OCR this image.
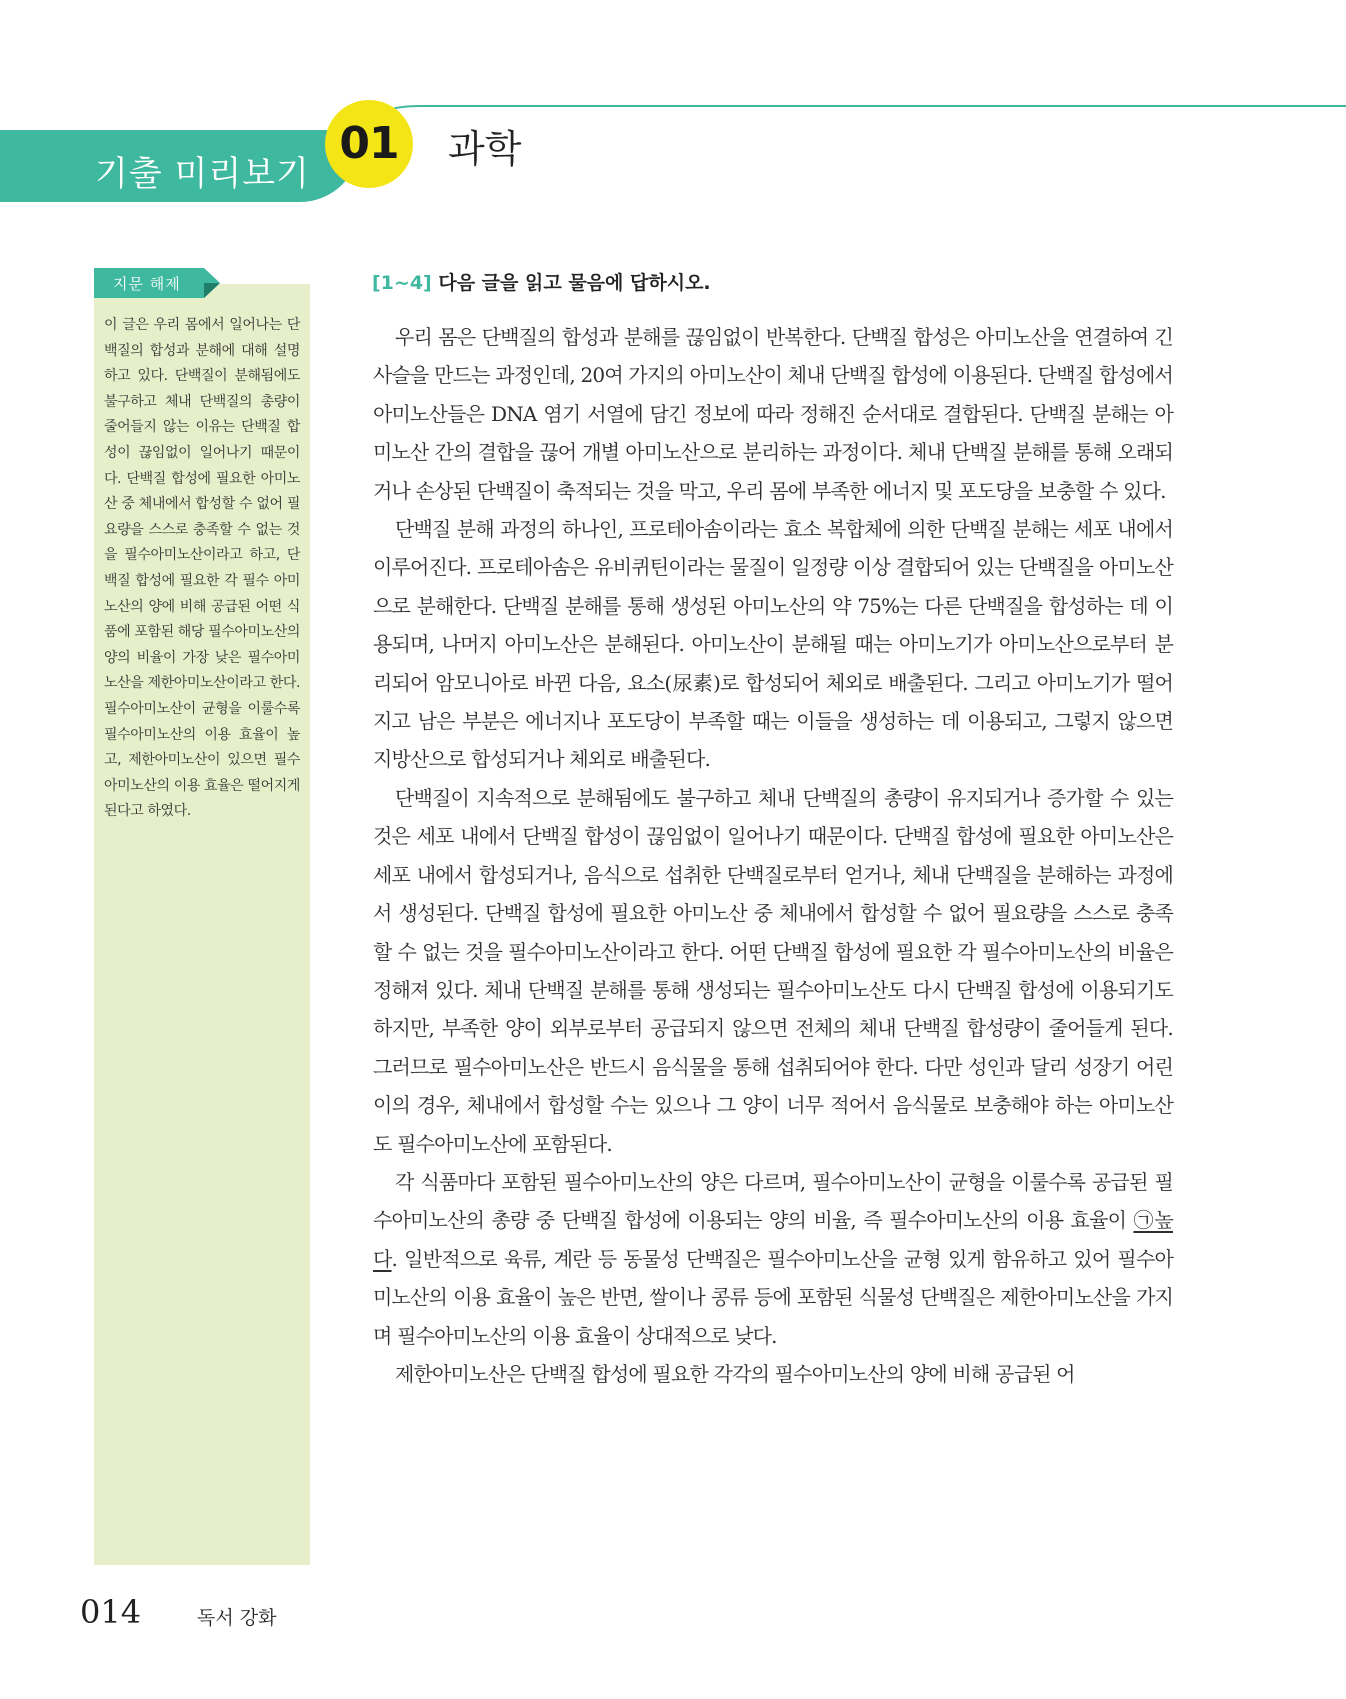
기출 미리보기
01	과학
지문 해제
이 글은 우리 몸에서 일어나는 단백질의 합성과 분해에 대해 설명하고 있다. 단백질이 분해됨에도 불구하고 체내 단백질의 총량이 줄어들지 않는 이유는 단백질 합성이 끊임없이 일어나기 때문이다. 단백질 합성에 필요한 아미노산 중 체내에서 합성할 수 없어 필요량을 스스로 충족할 수 없는 것을 필수아미노산이라고 하고, 단백질 합성에 필요한 각 필수 아미노산의 양에 비해 공급된 어떤 식품에 포함된 해당 필수아미노산의 양의 비율이 가장 낮은 필수아미노산을 제한아미노산이라고 한다. 필수아미노산이 균형을 이룰수록 필수아미노산의 이용 효율이 높고, 제한아미노산이 있으면 필수아미노산의 이용 효율은 떨어지게 된다고 하였다.
[1~4] 다음 글을 읽고 물음에 답하시오.

우리 몸은 단백질의 합성과 분해를 끊임없이 반복한다. 단백질 합성은 아미노산을 연결하여 긴 사슬을 만드는 과정인데, 20여 가지의 아미노산이 체내 단백질 합성에 이용된다. 단백질 합성에서 아미노산들은 DNA 염기 서열에 담긴 정보에 따라 정해진 순서대로 결합된다. 단백질 분해는 아미노산 간의 결합을 끊어 개별 아미노산으로 분리하는 과정이다. 체내 단백질 분해를 통해 오래되거나 손상된 단백질이 축적되는 것을 막고, 우리 몸에 부족한 에너지 및 포도당을 보충할 수 있다.

단백질 분해 과정의 하나인, 프로테아솜이라는 효소 복합체에 의한 단백질 분해는 세포 내에서 이루어진다. 프로테아솜은 유비퀴틴이라는 물질이 일정량 이상 결합되어 있는 단백질을 아미노산으로 분해한다. 단백질 분해를 통해 생성된 아미노산의 약 75%는 다른 단백질을 합성하는 데 이용되며, 나머지 아미노산은 분해된다. 아미노산이 분해될 때는 아미노기가 아미노산으로부터 분리되어 암모니아로 바뀐 다음, 요소(尿素)로 합성되어 체외로 배출된다. 그리고 아미노기가 떨어지고 남은 부분은 에너지나 포도당이 부족할 때는 이들을 생성하는 데 이용되고, 그렇지 않으면 지방산으로 합성되거나 체외로 배출된다.

단백질이 지속적으로 분해됨에도 불구하고 체내 단백질의 총량이 유지되거나 증가할 수 있는 것은 세포 내에서 단백질 합성이 끊임없이 일어나기 때문이다. 단백질 합성에 필요한 아미노산은 세포 내에서 합성되거나, 음식으로 섭취한 단백질로부터 얻거나, 체내 단백질을 분해하는 과정에서 생성된다. 단백질 합성에 필요한 아미노산 중 체내에서 합성할 수 없어 필요량을 스스로 충족할 수 없는 것을 필수아미노산이라고 한다. 어떤 단백질 합성에 필요한 각 필수아미노산의 비율은 정해져 있다. 체내 단백질 분해를 통해 생성되는 필수아미노산도 다시 단백질 합성에 이용되기도 하지만, 부족한 양이 외부로부터 공급되지 않으면 전체의 체내 단백질 합성량이 줄어들게 된다. 그러므로 필수아미노산은 반드시 음식물을 통해 섭취되어야 한다. 다만 성인과 달리 성장기 어린이의 경우, 체내에서 합성할 수는 있으나 그 양이 너무 적어서 음식물로 보충해야 하는 아미노산도 필수아미노산에 포함된다.

각 식품마다 포함된 필수아미노산의 양은 다르며, 필수아미노산이 균형을 이룰수록 공급된 필수아미노산의 총량 중 단백질 합성에 이용되는 양의 비율, 즉 필수아미노산의 이용 효율이 ㉠높다. 일반적으로 육류, 계란 등 동물성 단백질은 필수아미노산을 균형 있게 함유하고 있어 필수아미노산의 이용 효율이 높은 반면, 쌀이나 콩류 등에 포함된 식물성 단백질은 제한아미노산을 가지며 필수아미노산의 이용 효율이 상대적으로 낮다.

제한아미노산은 단백질 합성에 필요한 각각의 필수아미노산의 양에 비해 공급된 어

014	독서 강화
